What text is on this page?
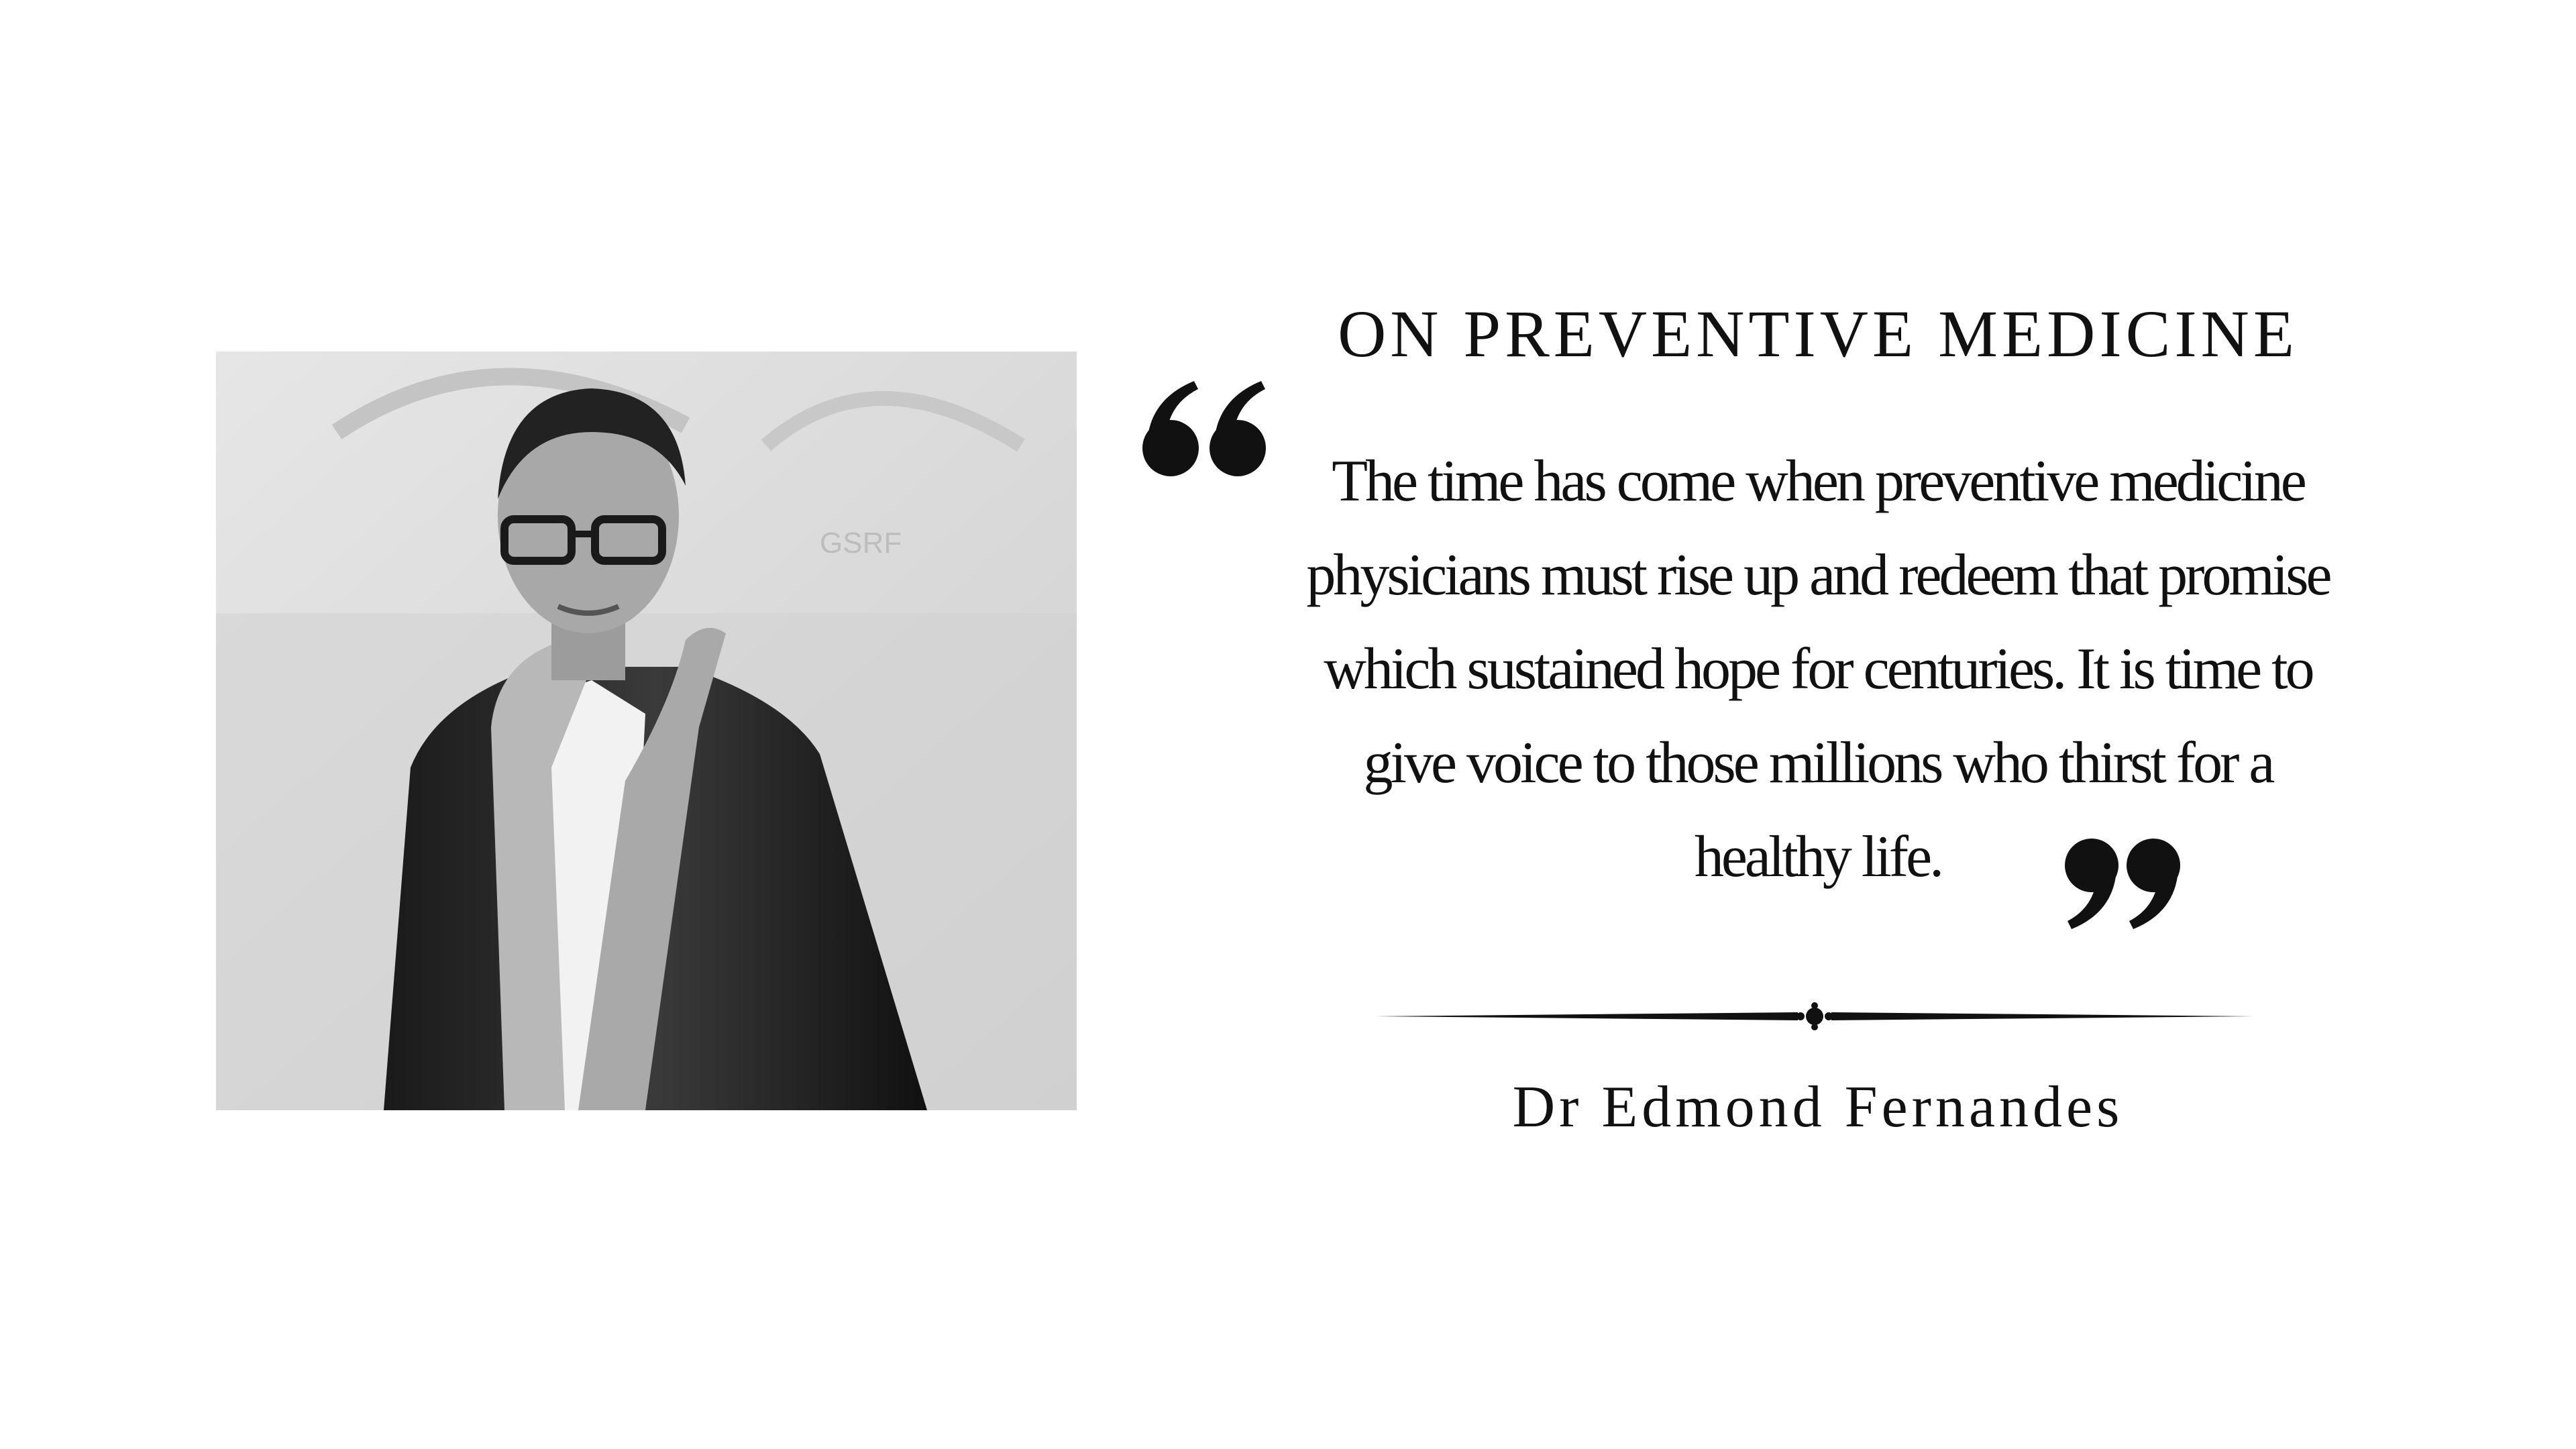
GSRF
ON PREVENTIVE MEDICINE
The time has come when preventive medicine
physicians must rise up and redeem that promise
which sustained hope for centuries. It is time to
give voice to those millions who thirst for a
healthy life.
Dr Edmond Fernandes
